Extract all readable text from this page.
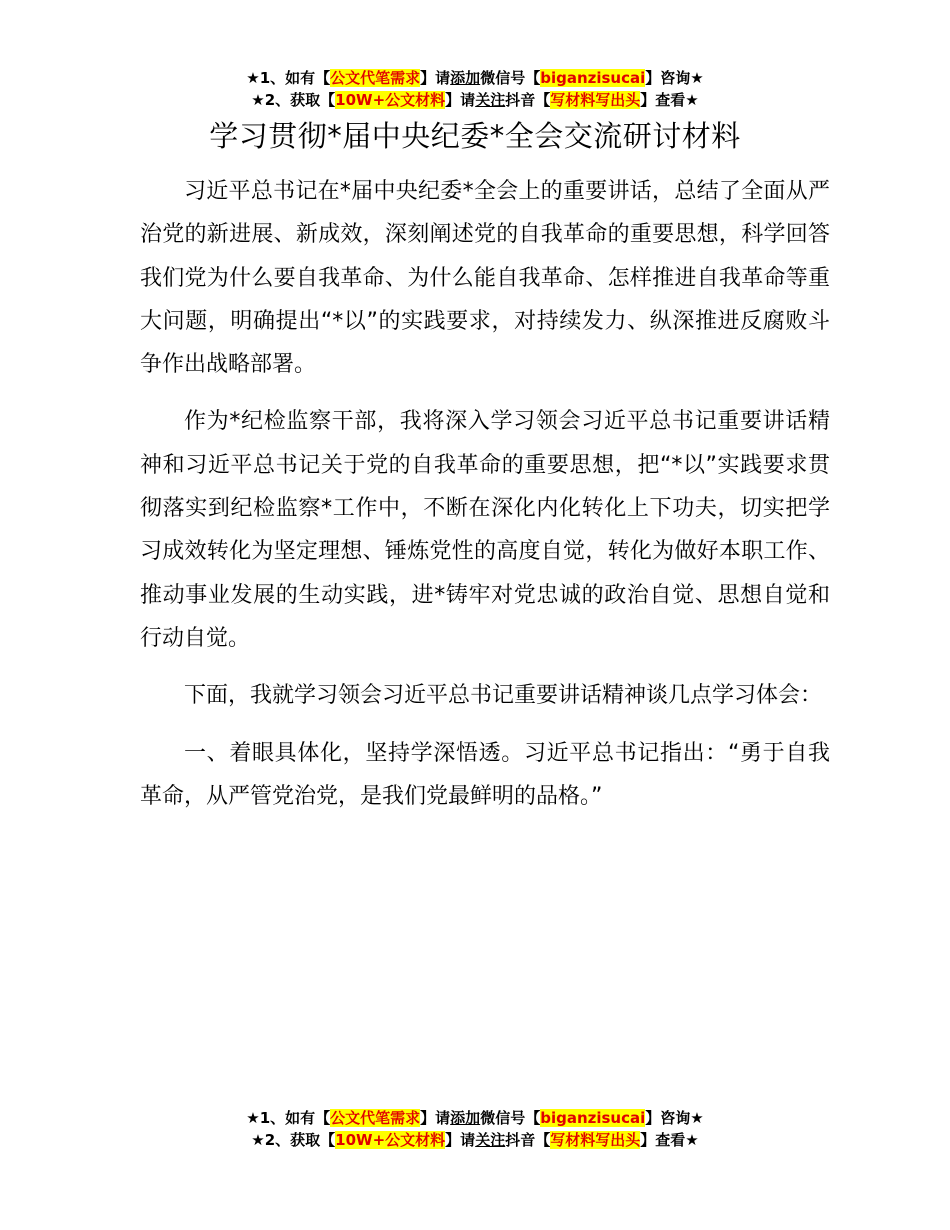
★1、如有【公文代笔需求】请添加微信号【biganzisucai】咨询★
★2、获取【10W+公文材料】请关注抖音【写材料写出头】查看★
学习贯彻*届中央纪委*全会交流研讨材料

习近平总书记在*届中央纪委*全会上的重要讲话，总结了全面从严治党的新进展、新成效，深刻阐述党的自我革命的重要思想，科学回答我们党为什么要自我革命、为什么能自我革命、怎样推进自我革命等重大问题，明确提出“*以”的实践要求，对持续发力、纵深推进反腐败斗争作出战略部署。

作为*纪检监察干部，我将深入学习领会习近平总书记重要讲话精神和习近平总书记关于党的自我革命的重要思想，把“*以”实践要求贯彻落实到纪检监察*工作中，不断在深化内化转化上下功夫，切实把学习成效转化为坚定理想、锤炼党性的高度自觉，转化为做好本职工作、推动事业发展的生动实践，进*铸牢对党忠诚的政治自觉、思想自觉和行动自觉。

下面，我就学习领会习近平总书记重要讲话精神谈几点学习体会：

一、着眼具体化，坚持学深悟透。习近平总书记指出：“勇于自我革命，从严管党治党，是我们党最鲜明的品格。”

★1、如有【公文代笔需求】请添加微信号【biganzisucai】咨询★
★2、获取【10W+公文材料】请关注抖音【写材料写出头】查看★
